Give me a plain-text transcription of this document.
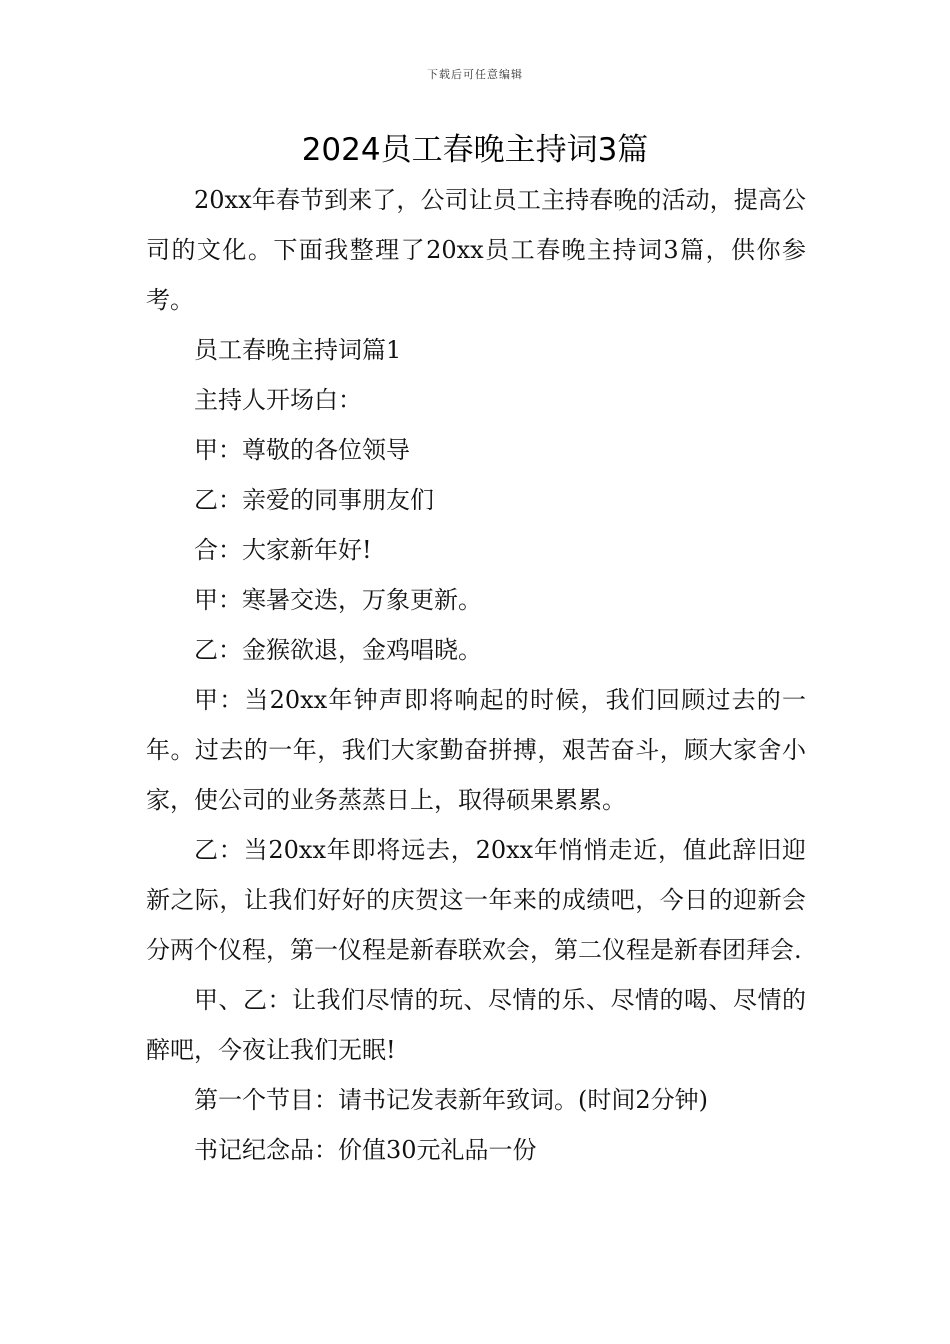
下载后可任意编辑
2024员工春晚主持词3篇

20xx年春节到来了，公司让员工主持春晚的活动，提高公司的文化。下面我整理了20xx员工春晚主持词3篇，供你参考。

员工春晚主持词篇1

主持人开场白：

甲：尊敬的各位领导

乙：亲爱的同事朋友们

合：大家新年好!

甲：寒暑交迭，万象更新。

乙：金猴欲退，金鸡唱晓。

甲：当20xx年钟声即将响起的时候，我们回顾过去的一年。过去的一年，我们大家勤奋拼搏，艰苦奋斗，顾大家舍小家，使公司的业务蒸蒸日上，取得硕果累累。

乙：当20xx年即将远去，20xx年悄悄走近，值此辞旧迎新之际，让我们好好的庆贺这一年来的成绩吧，今日的迎新会分两个仪程，第一仪程是新春联欢会，第二仪程是新春团拜会.

甲、乙：让我们尽情的玩、尽情的乐、尽情的喝、尽情的醉吧，今夜让我们无眠!

第一个节目：请书记发表新年致词。(时间2分钟)

书记纪念品：价值30元礼品一份
